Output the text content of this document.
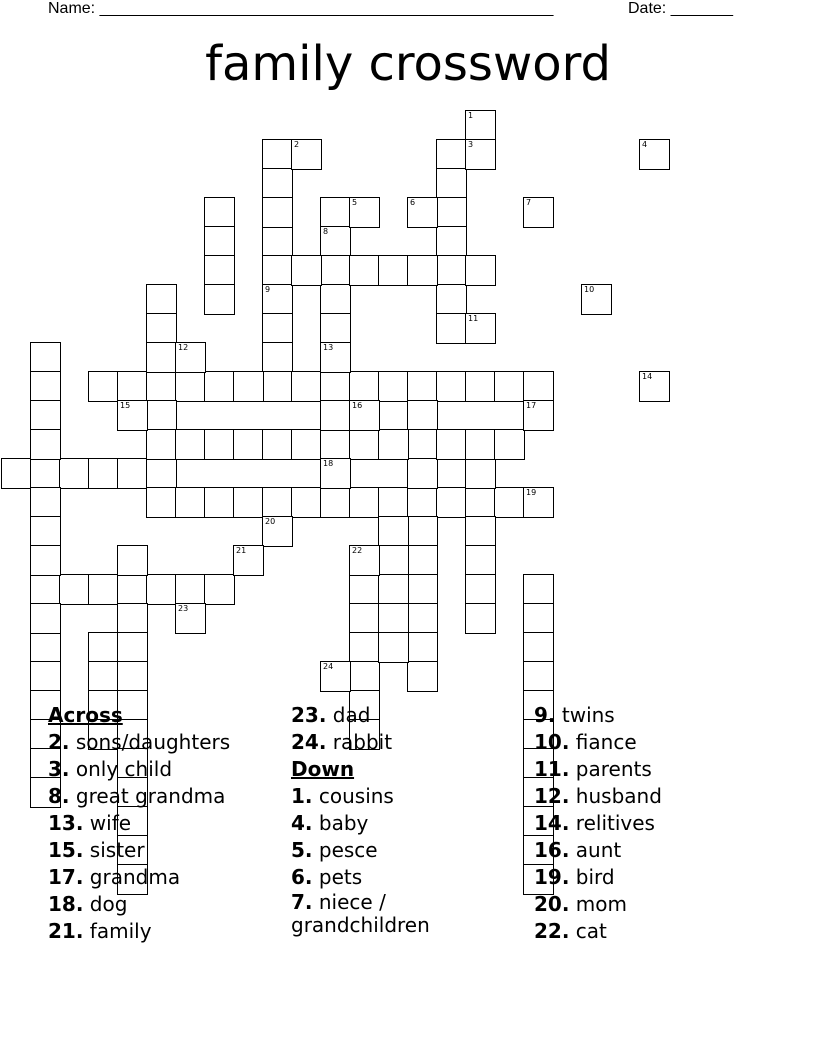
Name: ___________________________________________________	Date: _______
family crossword
9
19
8
13
18
1
2	3	4
5	6	7
10
11
12
14
15	16	17
20
21	22
23
24
Across
2. sons/daughters
3. only child
8. great grandma
13. wife
15. sister
17. grandma
18. dog
21. family
23. dad
24. rabbit
Down
1. cousins
4. baby
5. pesce
6. pets
7. niece /
grandchildren
9. twins
10. fiance
11. parents
12. husband
14. relitives
16. aunt
19. bird
20. mom
22. cat
